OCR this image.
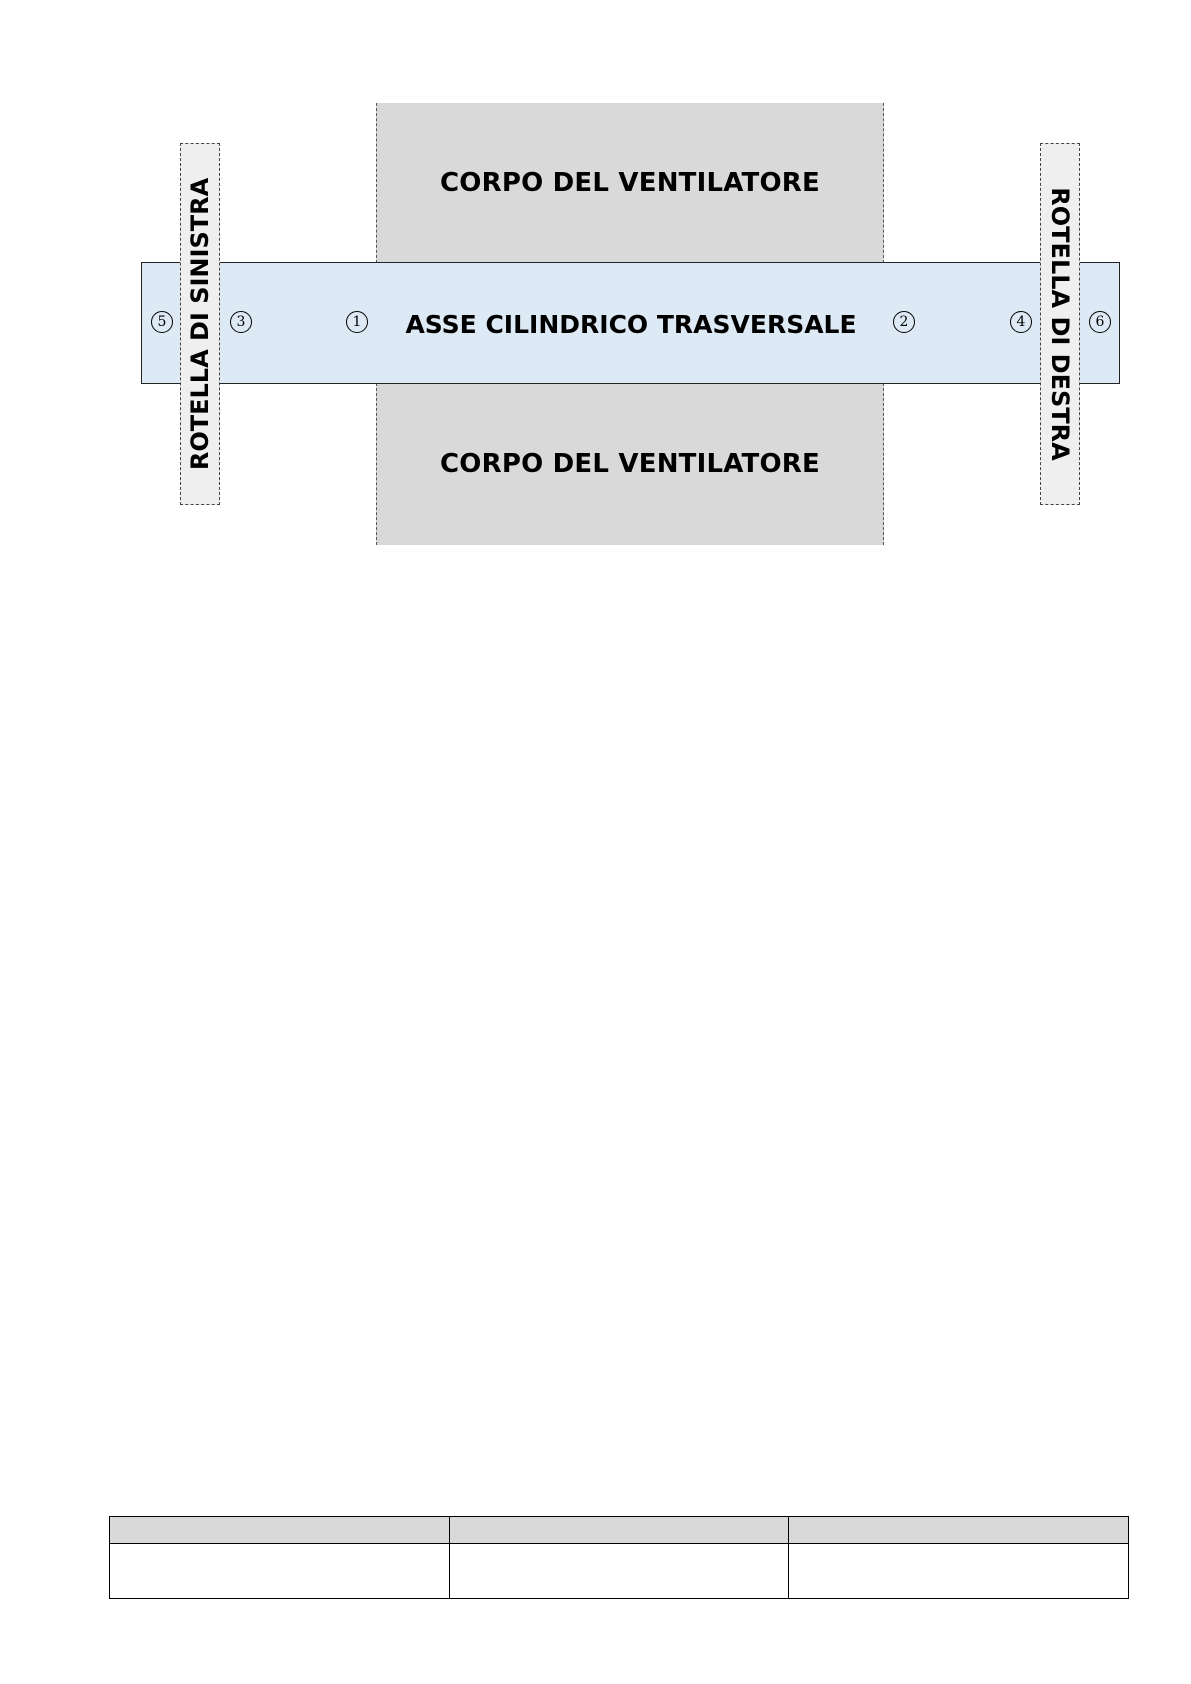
CORPO DEL VENTILATORE
CORPO DEL VENTILATORE
ASSE CILINDRICO TRASVERSALE
ROTELLA DI SINISTRA	ROTELLA DI DESTRA
5	3	1	2	4	6
